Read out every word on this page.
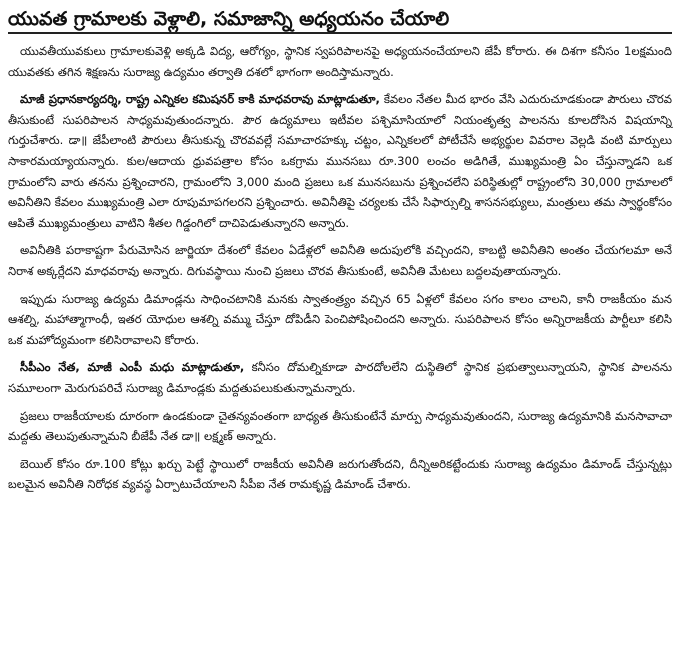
యువత గ్రామాలకు వెళ్లాలి, సమాజాన్ని అధ్యయనం చేయాలి

యువతీయువకులు గ్రామాలకువెళ్లి అక్కడి విద్య, ఆరోగ్యం, స్థానిక స్వపరిపాలనపై అధ్యయనంచేయాలని జేపీ కోరారు. ఈ దిశగా కనీసం 1లక్షమంది యువతకు తగిన శిక్షణను సురాజ్య ఉద్యమం తర్వాతి దశలో భాగంగా అందిస్తామన్నారు.

మాజీ ప్రధానకార్యదర్శి, రాష్ట్ర ఎన్నికల కమిషనర్ కాకి మాధవరావు మాట్లాడుతూ, కేవలం నేతల మీద భారం వేసి ఎదురుచూడకుండా పౌరులు చొరవ తీసుకుంటే సుపరిపాలన సాధ్యమవుతుందన్నారు. పౌర ఉద్యమాలు ఇటీవల పశ్చిమాసియాలో నియంతృత్వ పాలనను కూలదోసిన విషయాన్ని గుర్తుచేశారు. డా॥ జేపీలాంటి పౌరులు తీసుకున్న చొరవవల్లే సమాచారహక్కు చట్టం, ఎన్నికలలో పోటీచేసే అభ్యర్థుల వివరాల వెల్లడి వంటి మార్పులు సాకారమయ్యాయన్నారు. కుల/ఆదాయ ధ్రువపత్రాల కోసం ఒకగ్రామ మునసబు రూ.300 లంచం అడిగితే, ముఖ్యమంత్రి ఏం చేస్తున్నాడని ఒక గ్రామంలోని వారు తనను ప్రశ్నించారని, గ్రామంలోని 3,000 మంది ప్రజలు ఒక మునసబును ప్రశ్నించలేని పరిస్థితుల్లో రాష్ట్రంలోని 30,000 గ్రామాలలో అవినీతిని కేవలం ముఖ్యమంత్రి ఎలా రూపుమాపగలరని ప్రశ్నించారు. అవినీతిపై చర్యలకు చేసే సిఫార్సుల్ని శాసనసభ్యులు, మంత్రులు తమ స్వార్థంకోసం ఆపితే ముఖ్యమంత్రులు వాటిని శీతల గిడ్డంగిలో దాచిపెడుతున్నారని అన్నారు.

అవినీతికి పరాకాష్టగా పేరుమోసిన జార్జియా దేశంలో కేవలం ఏడేళ్లలో అవినీతి అదుపులోకి వచ్చిందని, కాబట్టి అవినీతిని అంతం చేయగలమా అనే నిరాశ అక్కర్లేదని మాధవరావు అన్నారు. దిగువస్థాయి నుంచి ప్రజలు చొరవ తీసుకుంటే, అవినీతి మేటలు బద్దలవుతాయన్నారు.

ఇప్పుడు సురాజ్య ఉద్యమ డిమాండ్లను సాధించటానికి మనకు స్వాతంత్ర్యం వచ్చిన 65 ఏళ్లలో కేవలం సగం కాలం చాలని, కానీ రాజకీయం మన ఆశల్ని, మహాత్మాగాంధీ, ఇతర యోధుల ఆశల్ని వమ్ము చేస్తూ దోపిడీని పెంచిపోషించిందని అన్నారు. సుపరిపాలన కోసం అన్నిరాజకీయ పార్టీలూ కలిసి ఒక మహోద్యమంగా కలిసిరావాలని కోరారు.

సీపీఎం నేత, మాజీ ఎంపీ మధు మాట్లాడుతూ, కనీసం దోమల్నికూడా పారదోలలేని దుస్థితిలో స్థానిక ప్రభుత్వాలున్నాయని, స్థానిక పాలనను సమూలంగా మెరుగుపరిచే సురాజ్య డిమాండ్లకు మద్దతుపలుకుతున్నామన్నారు.

ప్రజలు రాజకీయాలకు దూరంగా ఉండకుండా చైతన్యవంతంగా బాధ్యత తీసుకుంటేనే మార్పు సాధ్యమవుతుందని, సురాజ్య ఉద్యమానికి మనసావాచా మద్దతు తెలుపుతున్నామని బీజేపీ నేత డా॥ లక్ష్మణ్ అన్నారు.

బెయిల్ కోసం రూ.100 కోట్లు ఖర్చు పెట్టే స్థాయిలో రాజకీయ అవినీతి జరుగుతోందని, దీన్నిఅరికట్టేందుకు సురాజ్య ఉద్యమం డిమాండ్ చేస్తున్నట్లు బలమైన అవినీతి నిరోధక వ్యవస్థ ఏర్పాటుచేయాలని సీపీఐ నేత రామకృష్ణ డిమాండ్ చేశారు.
